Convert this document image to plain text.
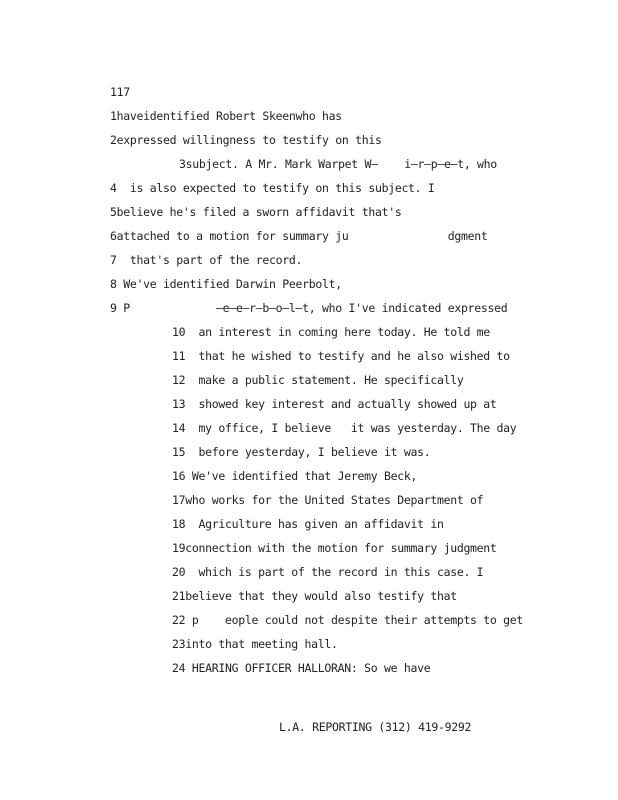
117
1haveidentified Robert Skeenwho has
2expressed willingness to testify on this
3subject. A Mr. Mark Warpet W—    i—r—p—e—t, who
4  is also expected to testify on this subject. I
5believe he's filed a sworn affidavit that's
6attached to a motion for summary ju               dgment
7  that's part of the record.
8 We've identified Darwin Peerbolt,
9 P             —e—e—r—b—o—l—t, who I've indicated expressed
10  an interest in coming here today. He told me
11  that he wished to testify and he also wished to
12  make a public statement. He specifically
13  showed key interest and actually showed up at
14  my office, I believe   it was yesterday. The day
15  before yesterday, I believe it was.
16 We've identified that Jeremy Beck,
17who works for the United States Department of
18  Agriculture has given an affidavit in
19connection with the motion for summary judgment
20  which is part of the record in this case. I
21believe that they would also testify that
22 p    eople could not despite their attempts to get
23into that meeting hall.
24 HEARING OFFICER HALLORAN: So we have
L.A. REPORTING (312) 419-9292
